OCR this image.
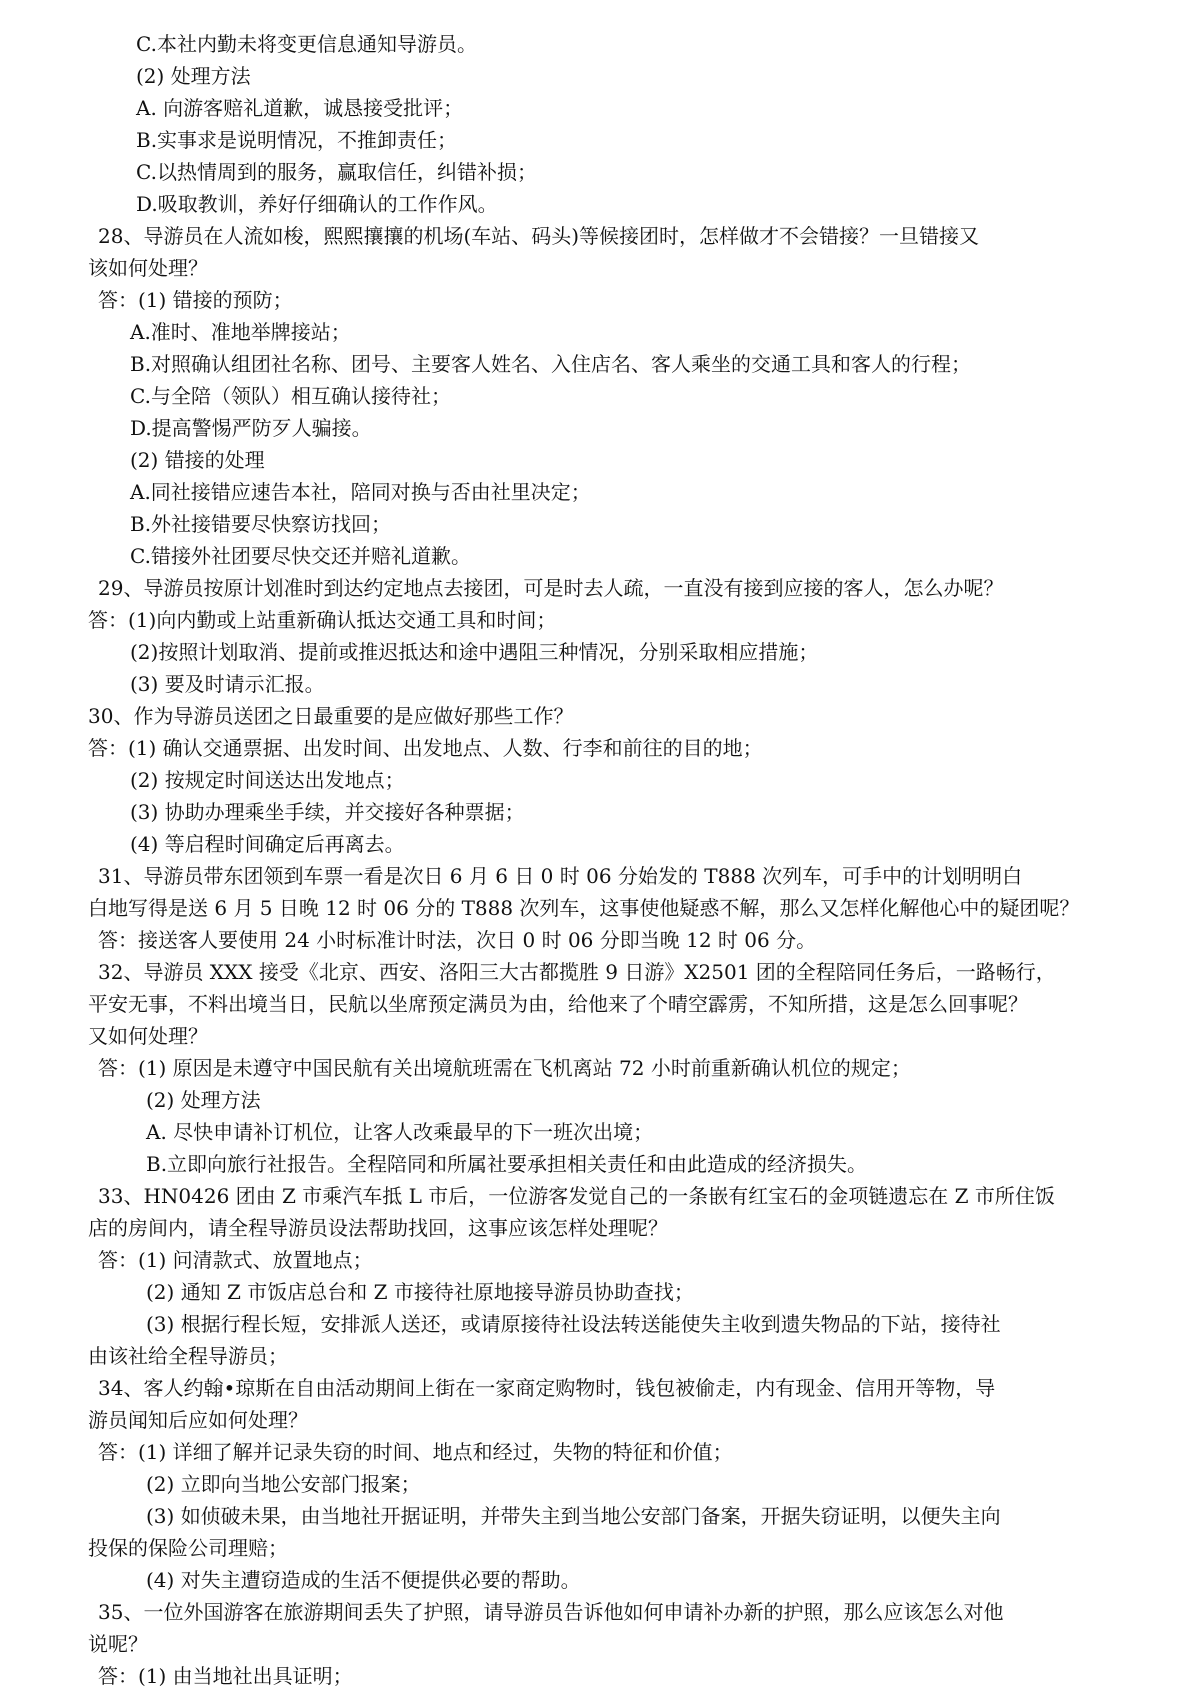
C.本社内勤未将变更信息通知导游员。
(2) 处理方法
A. 向游客赔礼道歉，诚恳接受批评；
B.实事求是说明情况，不推卸责任；
C.以热情周到的服务，赢取信任，纠错补损；
D.吸取教训，养好仔细确认的工作作风。
28、导游员在人流如梭，熙熙攘攘的机场(车站、码头)等候接团时，怎样做才不会错接？一旦错接又
该如何处理？
答：(1) 错接的预防；
A.准时、准地举牌接站；
B.对照确认组团社名称、团号、主要客人姓名、入住店名、客人乘坐的交通工具和客人的行程；
C.与全陪（领队）相互确认接待社；
D.提高警惕严防歹人骗接。
(2) 错接的处理
A.同社接错应速告本社，陪同对换与否由社里决定；
B.外社接错要尽快察访找回；
C.错接外社团要尽快交还并赔礼道歉。
29、导游员按原计划准时到达约定地点去接团，可是时去人疏，一直没有接到应接的客人，怎么办呢？
答：(1)向内勤或上站重新确认抵达交通工具和时间；
(2)按照计划取消、提前或推迟抵达和途中遇阻三种情况，分别采取相应措施；
(3) 要及时请示汇报。
30、作为导游员送团之日最重要的是应做好那些工作？
答：(1) 确认交通票据、出发时间、出发地点、人数、行李和前往的目的地；
(2) 按规定时间送达出发地点；
(3) 协助办理乘坐手续，并交接好各种票据；
(4) 等启程时间确定后再离去。
31、导游员带东团领到车票一看是次日 6 月 6 日 0 时 06 分始发的 T888 次列车，可手中的计划明明白
白地写得是送 6 月 5 日晚 12 时 06 分的 T888 次列车，这事使他疑惑不解，那么又怎样化解他心中的疑团呢？
答：接送客人要使用 24 小时标准计时法，次日 0 时 06 分即当晚 12 时 06 分。
32、导游员 XXX 接受《北京、西安、洛阳三大古都揽胜 9 日游》X2501 团的全程陪同任务后，一路畅行，
平安无事，不料出境当日，民航以坐席预定满员为由，给他来了个晴空霹雳，不知所措，这是怎么回事呢？
又如何处理？
答：(1) 原因是未遵守中国民航有关出境航班需在飞机离站 72 小时前重新确认机位的规定；
(2) 处理方法
A. 尽快申请补订机位，让客人改乘最早的下一班次出境；
B.立即向旅行社报告。全程陪同和所属社要承担相关责任和由此造成的经济损失。
33、HN0426 团由 Z 市乘汽车抵 L 市后，一位游客发觉自己的一条嵌有红宝石的金项链遗忘在 Z 市所住饭
店的房间内，请全程导游员设法帮助找回，这事应该怎样处理呢？
答：(1) 问清款式、放置地点；
(2) 通知 Z 市饭店总台和 Z 市接待社原地接导游员协助查找；
(3) 根据行程长短，安排派人送还，或请原接待社设法转送能使失主收到遗失物品的下站，接待社
由该社给全程导游员；
34、客人约翰•琼斯在自由活动期间上街在一家商定购物时，钱包被偷走，内有现金、信用开等物，导
游员闻知后应如何处理？
答：(1) 详细了解并记录失窃的时间、地点和经过，失物的特征和价值；
(2) 立即向当地公安部门报案；
(3) 如侦破未果，由当地社开据证明，并带失主到当地公安部门备案，开据失窃证明，以便失主向
投保的保险公司理赔；
(4) 对失主遭窃造成的生活不便提供必要的帮助。
35、一位外国游客在旅游期间丢失了护照，请导游员告诉他如何申请补办新的护照，那么应该怎么对他
说呢？
答：(1) 由当地社出具证明；
